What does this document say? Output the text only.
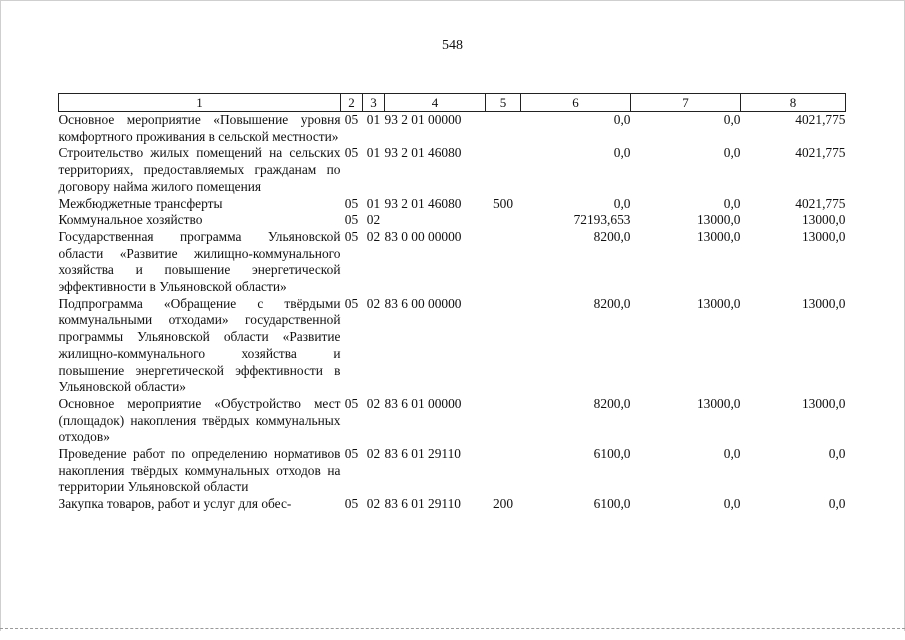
548
1	2	3	4	5	6	7	8
Основное мероприятие «Повышение уровня комфортного проживания в сельской местности»	05	01	93 2 01 00000		0,0	0,0	4021,775
Строительство жилых помещений на сельских территориях, предоставляемых гражданам по договору найма жилого помещения	05	01	93 2 01 46080		0,0	0,0	4021,775
Межбюджетные трансферты	05	01	93 2 01 46080	500	0,0	0,0	4021,775
Коммунальное хозяйство	05	02			72193,653	13000,0	13000,0
Государственная программа Ульяновской области «Развитие жилищно-коммунального хозяйства и повышение энергетической эффективности в Ульяновской области»	05	02	83 0 00 00000		8200,0	13000,0	13000,0
Подпрограмма «Обращение с твёрдыми коммунальными отходами» государственной программы Ульяновской области «Развитие жилищно-коммунального хозяйства и повышение энергетической эффективности в Ульяновской области»	05	02	83 6 00 00000		8200,0	13000,0	13000,0
Основное мероприятие «Обустройство мест (площадок) накопления твёрдых коммунальных отходов»	05	02	83 6 01 00000		8200,0	13000,0	13000,0
Проведение работ по определению нормативов накопления твёрдых коммунальных отходов на территории Ульяновской области	05	02	83 6 01 29110		6100,0	0,0	0,0
Закупка товаров, работ и услуг для обес-	05	02	83 6 01 29110	200	6100,0	0,0	0,0
